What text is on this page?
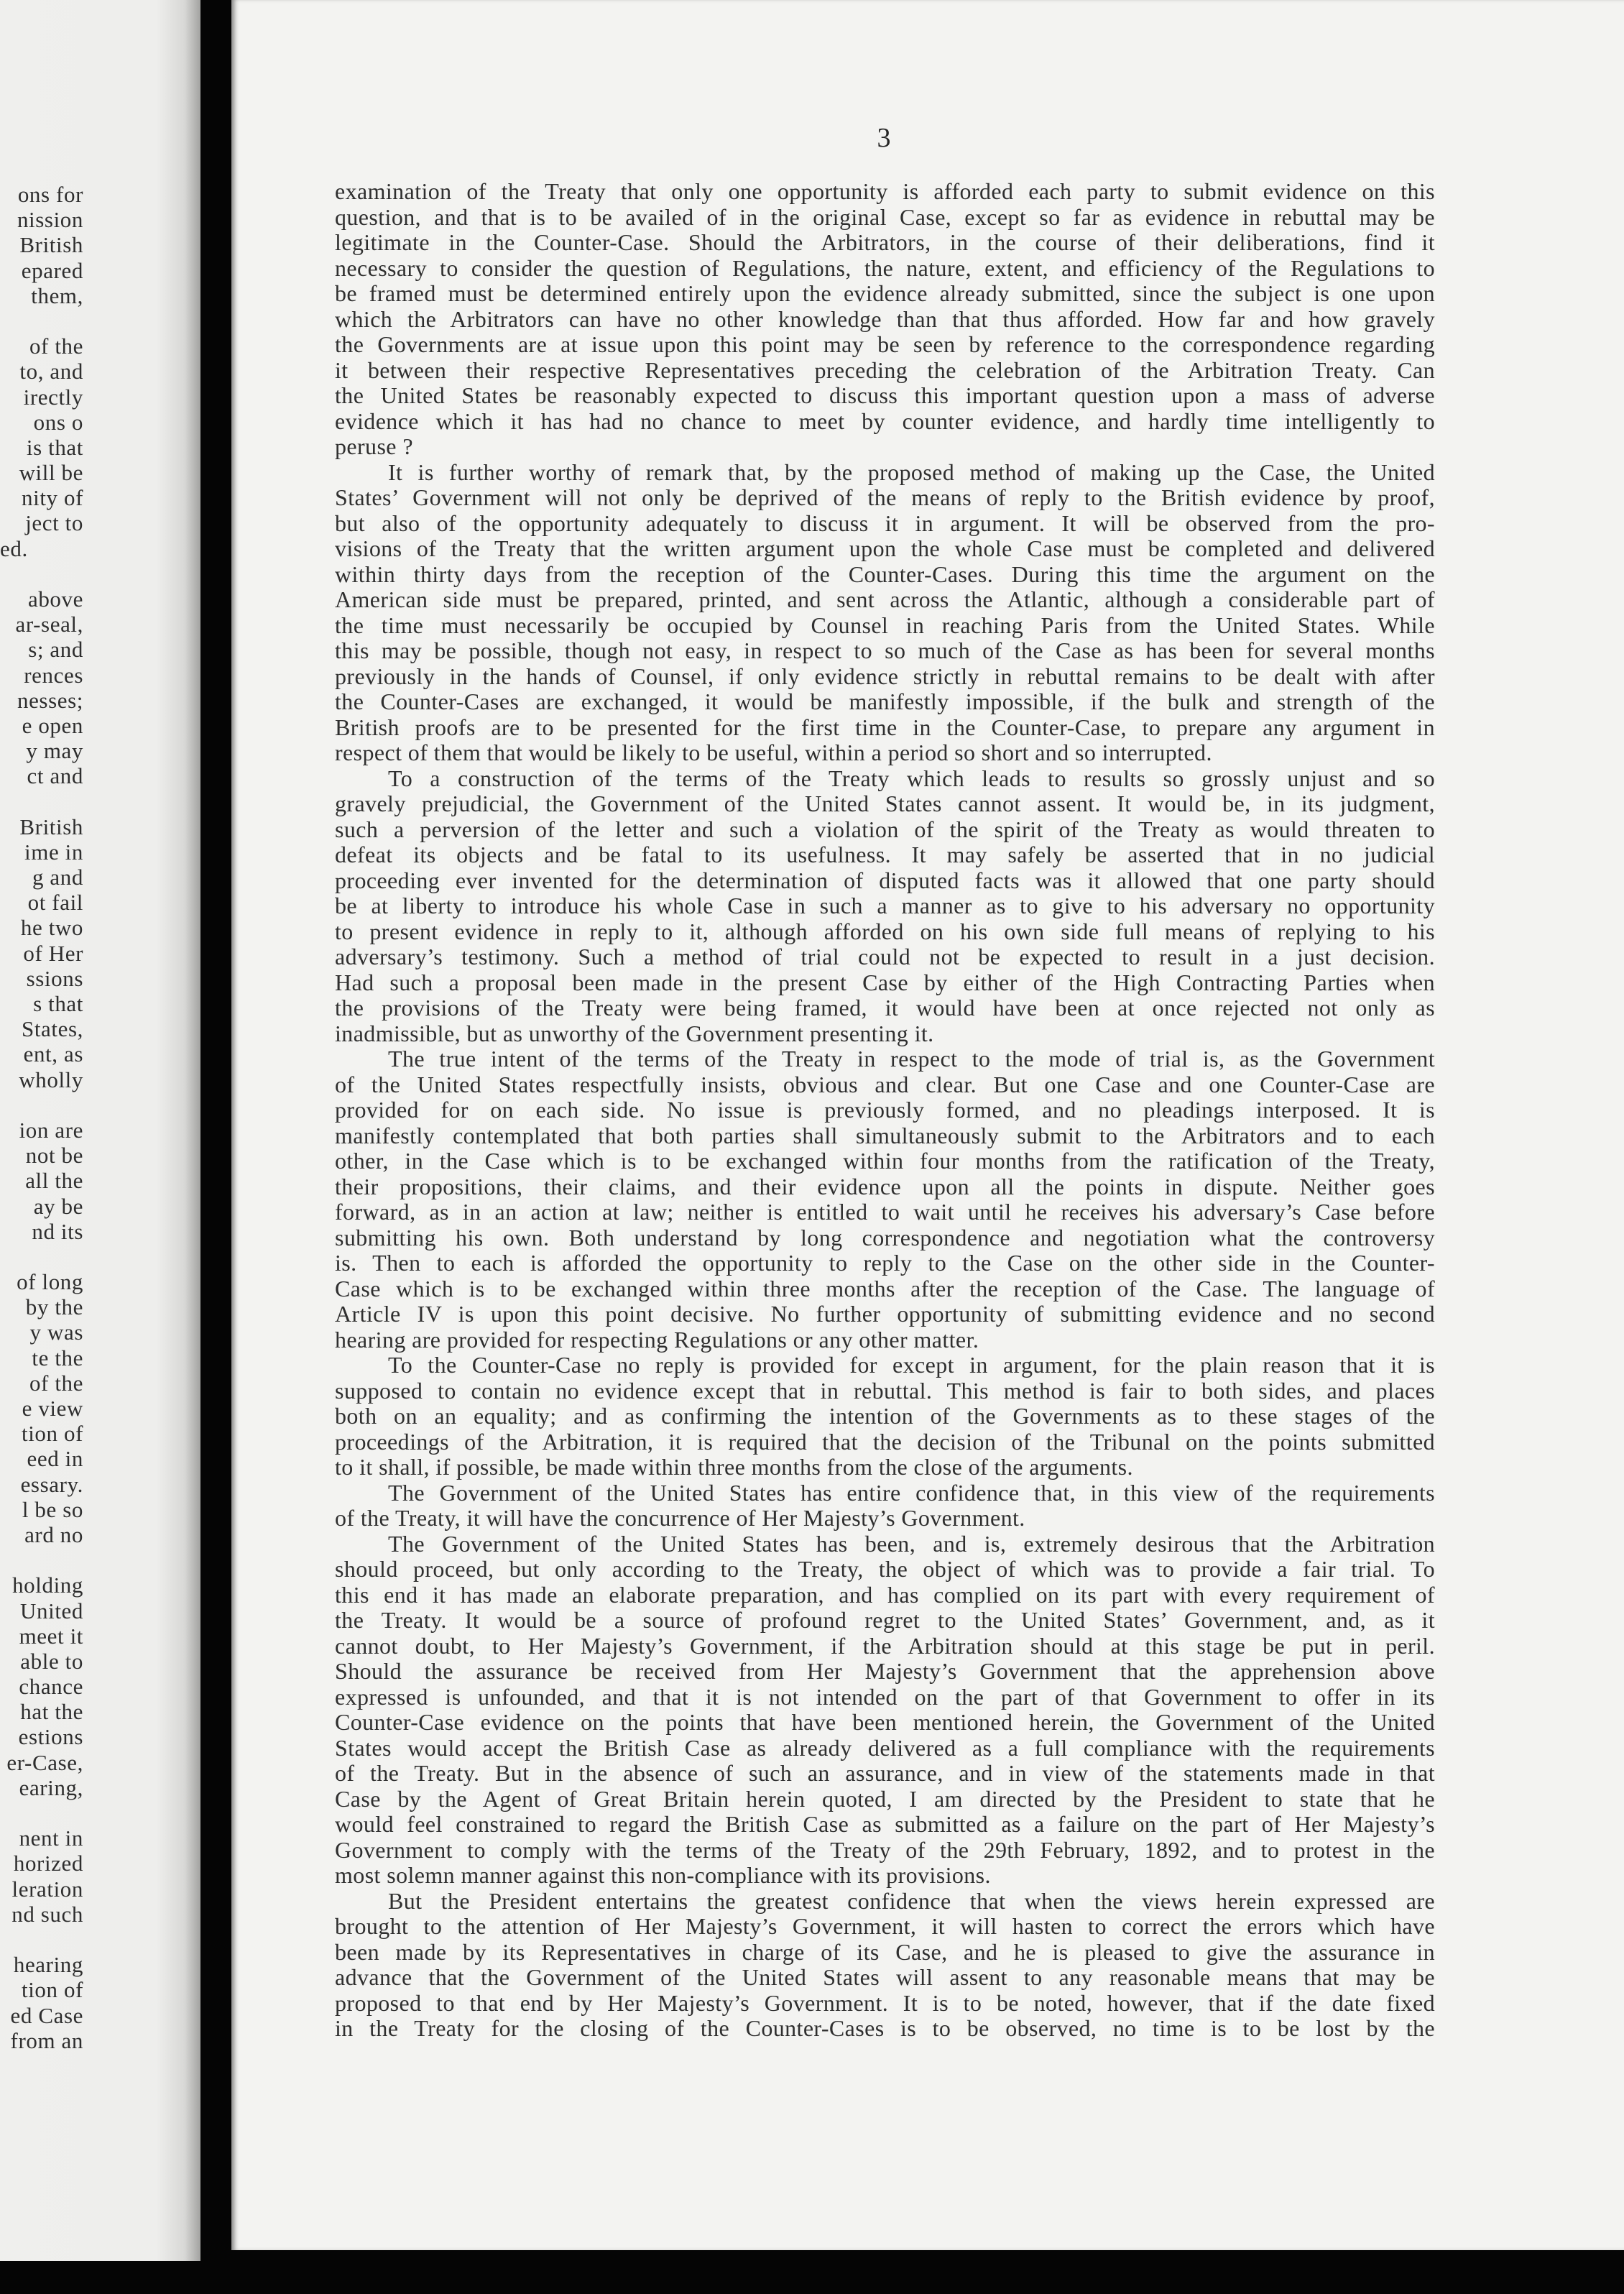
ons for
nission
British
epared
them,
of the
to, and
irectly
ons o
is that
will be
nity of
ject to
ed.
above
ar-seal,
s; and
rences
nesses;
e open
y may
ct and
British
ime in
g and
ot fail
he two
of Her
ssions
s that
States,
ent, as
wholly
ion are
not be
all the
ay be
nd its
of long
by the
y was
te the
of the
e view
tion of
eed in
essary.
l be so
ard no
holding
United
meet it
able to
chance
hat the
estions
er-Case,
earing,
nent in
horized
leration
nd such
hearing
tion of
ed Case
from an
3
examination of the Treaty that only one opportunity is afforded each party to submit evidence on this
question, and that is to be availed of in the original Case, except so far as evidence in rebuttal may be
legitimate in the Counter-Case. Should the Arbitrators, in the course of their deliberations, find it
necessary to consider the question of Regulations, the nature, extent, and efficiency of the Regulations to
be framed must be determined entirely upon the evidence already submitted, since the subject is one upon
which the Arbitrators can have no other knowledge than that thus afforded. How far and how gravely
the Governments are at issue upon this point may be seen by reference to the correspondence regarding
it between their respective Representatives preceding the celebration of the Arbitration Treaty. Can
the United States be reasonably expected to discuss this important question upon a mass of adverse
evidence which it has had no chance to meet by counter evidence, and hardly time intelligently to
peruse ?
It is further worthy of remark that, by the proposed method of making up the Case, the United
States’ Government will not only be deprived of the means of reply to the British evidence by proof,
but also of the opportunity adequately to discuss it in argument. It will be observed from the pro-
visions of the Treaty that the written argument upon the whole Case must be completed and delivered
within thirty days from the reception of the Counter-Cases. During this time the argument on the
American side must be prepared, printed, and sent across the Atlantic, although a considerable part of
the time must necessarily be occupied by Counsel in reaching Paris from the United States. While
this may be possible, though not easy, in respect to so much of the Case as has been for several months
previously in the hands of Counsel, if only evidence strictly in rebuttal remains to be dealt with after
the Counter-Cases are exchanged, it would be manifestly impossible, if the bulk and strength of the
British proofs are to be presented for the first time in the Counter-Case, to prepare any argument in
respect of them that would be likely to be useful, within a period so short and so interrupted.
To a construction of the terms of the Treaty which leads to results so grossly unjust and so
gravely prejudicial, the Government of the United States cannot assent. It would be, in its judgment,
such a perversion of the letter and such a violation of the spirit of the Treaty as would threaten to
defeat its objects and be fatal to its usefulness. It may safely be asserted that in no judicial
proceeding ever invented for the determination of disputed facts was it allowed that one party should
be at liberty to introduce his whole Case in such a manner as to give to his adversary no opportunity
to present evidence in reply to it, although afforded on his own side full means of replying to his
adversary’s testimony. Such a method of trial could not be expected to result in a just decision.
Had such a proposal been made in the present Case by either of the High Contracting Parties when
the provisions of the Treaty were being framed, it would have been at once rejected not only as
inadmissible, but as unworthy of the Government presenting it.
The true intent of the terms of the Treaty in respect to the mode of trial is, as the Government
of the United States respectfully insists, obvious and clear. But one Case and one Counter-Case are
provided for on each side. No issue is previously formed, and no pleadings interposed. It is
manifestly contemplated that both parties shall simultaneously submit to the Arbitrators and to each
other, in the Case which is to be exchanged within four months from the ratification of the Treaty,
their propositions, their claims, and their evidence upon all the points in dispute. Neither goes
forward, as in an action at law; neither is entitled to wait until he receives his adversary’s Case before
submitting his own. Both understand by long correspondence and negotiation what the controversy
is. Then to each is afforded the opportunity to reply to the Case on the other side in the Counter-
Case which is to be exchanged within three months after the reception of the Case. The language of
Article IV is upon this point decisive. No further opportunity of submitting evidence and no second
hearing are provided for respecting Regulations or any other matter.
To the Counter-Case no reply is provided for except in argument, for the plain reason that it is
supposed to contain no evidence except that in rebuttal. This method is fair to both sides, and places
both on an equality; and as confirming the intention of the Governments as to these stages of the
proceedings of the Arbitration, it is required that the decision of the Tribunal on the points submitted
to it shall, if possible, be made within three months from the close of the arguments.
The Government of the United States has entire confidence that, in this view of the requirements
of the Treaty, it will have the concurrence of Her Majesty’s Government.
The Government of the United States has been, and is, extremely desirous that the Arbitration
should proceed, but only according to the Treaty, the object of which was to provide a fair trial. To
this end it has made an elaborate preparation, and has complied on its part with every requirement of
the Treaty. It would be a source of profound regret to the United States’ Government, and, as it
cannot doubt, to Her Majesty’s Government, if the Arbitration should at this stage be put in peril.
Should the assurance be received from Her Majesty’s Government that the apprehension above
expressed is unfounded, and that it is not intended on the part of that Government to offer in its
Counter-Case evidence on the points that have been mentioned herein, the Government of the United
States would accept the British Case as already delivered as a full compliance with the requirements
of the Treaty. But in the absence of such an assurance, and in view of the statements made in that
Case by the Agent of Great Britain herein quoted, I am directed by the President to state that he
would feel constrained to regard the British Case as submitted as a failure on the part of Her Majesty’s
Government to comply with the terms of the Treaty of the 29th February, 1892, and to protest in the
most solemn manner against this non-compliance with its provisions.
But the President entertains the greatest confidence that when the views herein expressed are
brought to the attention of Her Majesty’s Government, it will hasten to correct the errors which have
been made by its Representatives in charge of its Case, and he is pleased to give the assurance in
advance that the Government of the United States will assent to any reasonable means that may be
proposed to that end by Her Majesty’s Government. It is to be noted, however, that if the date fixed
in the Treaty for the closing of the Counter-Cases is to be observed, no time is to be lost by the
